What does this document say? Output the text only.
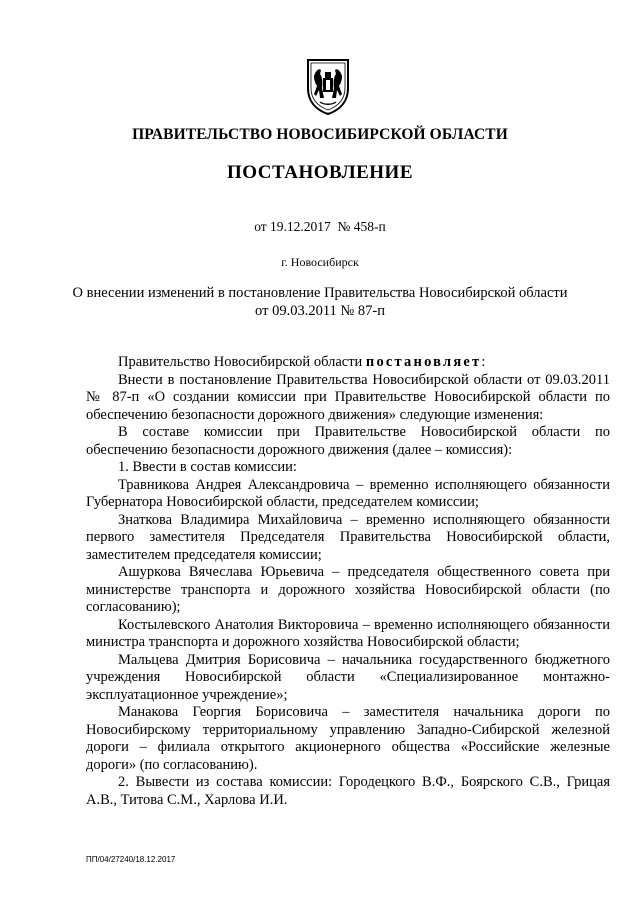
ПРАВИТЕЛЬСТВО НОВОСИБИРСКОЙ ОБЛАСТИ
ПОСТАНОВЛЕНИЕ
от 19.12.2017  № 458-п
г. Новосибирск
О внесении изменений в постановление Правительства Новосибирской области
от 09.03.2011 № 87-п

Правительство Новосибирской области постановляет:

Внести в постановление Правительства Новосибирской области от 09.03.2011 № 87-п «О создании комиссии при Правительстве Новосибирской области по обеспечению безопасности дорожного движения» следующие изменения:

В составе комиссии при Правительстве Новосибирской области по обеспечению безопасности дорожного движения (далее – комиссия):

1. Ввести в состав комиссии:

Травникова Андрея Александровича – временно исполняющего обязанности Губернатора Новосибирской области, председателем комиссии;

Знаткова Владимира Михайловича – временно исполняющего обязанности первого заместителя Председателя Правительства Новосибирской области, заместителем председателя комиссии;

Ашуркова Вячеслава Юрьевича – председателя общественного совета при министерстве транспорта и дорожного хозяйства Новосибирской области (по согласованию);

Костылевского Анатолия Викторовича – временно исполняющего обязанности министра транспорта и дорожного хозяйства Новосибирской области;

Мальцева Дмитрия Борисовича – начальника государственного бюджетного учреждения Новосибирской области «Специализированное монтажно-эксплуатационное учреждение»;

Манакова Георгия Борисовича – заместителя начальника дороги по Новосибирскому территориальному управлению Западно-Сибирской железной дороги – филиала открытого акционерного общества «Российские железные дороги» (по согласованию).

2. Вывести из состава комиссии: Городецкого В.Ф., Боярского С.В., Грицая А.В., Титова С.М., Харлова И.И.

ПП/04/27240/18.12.2017
